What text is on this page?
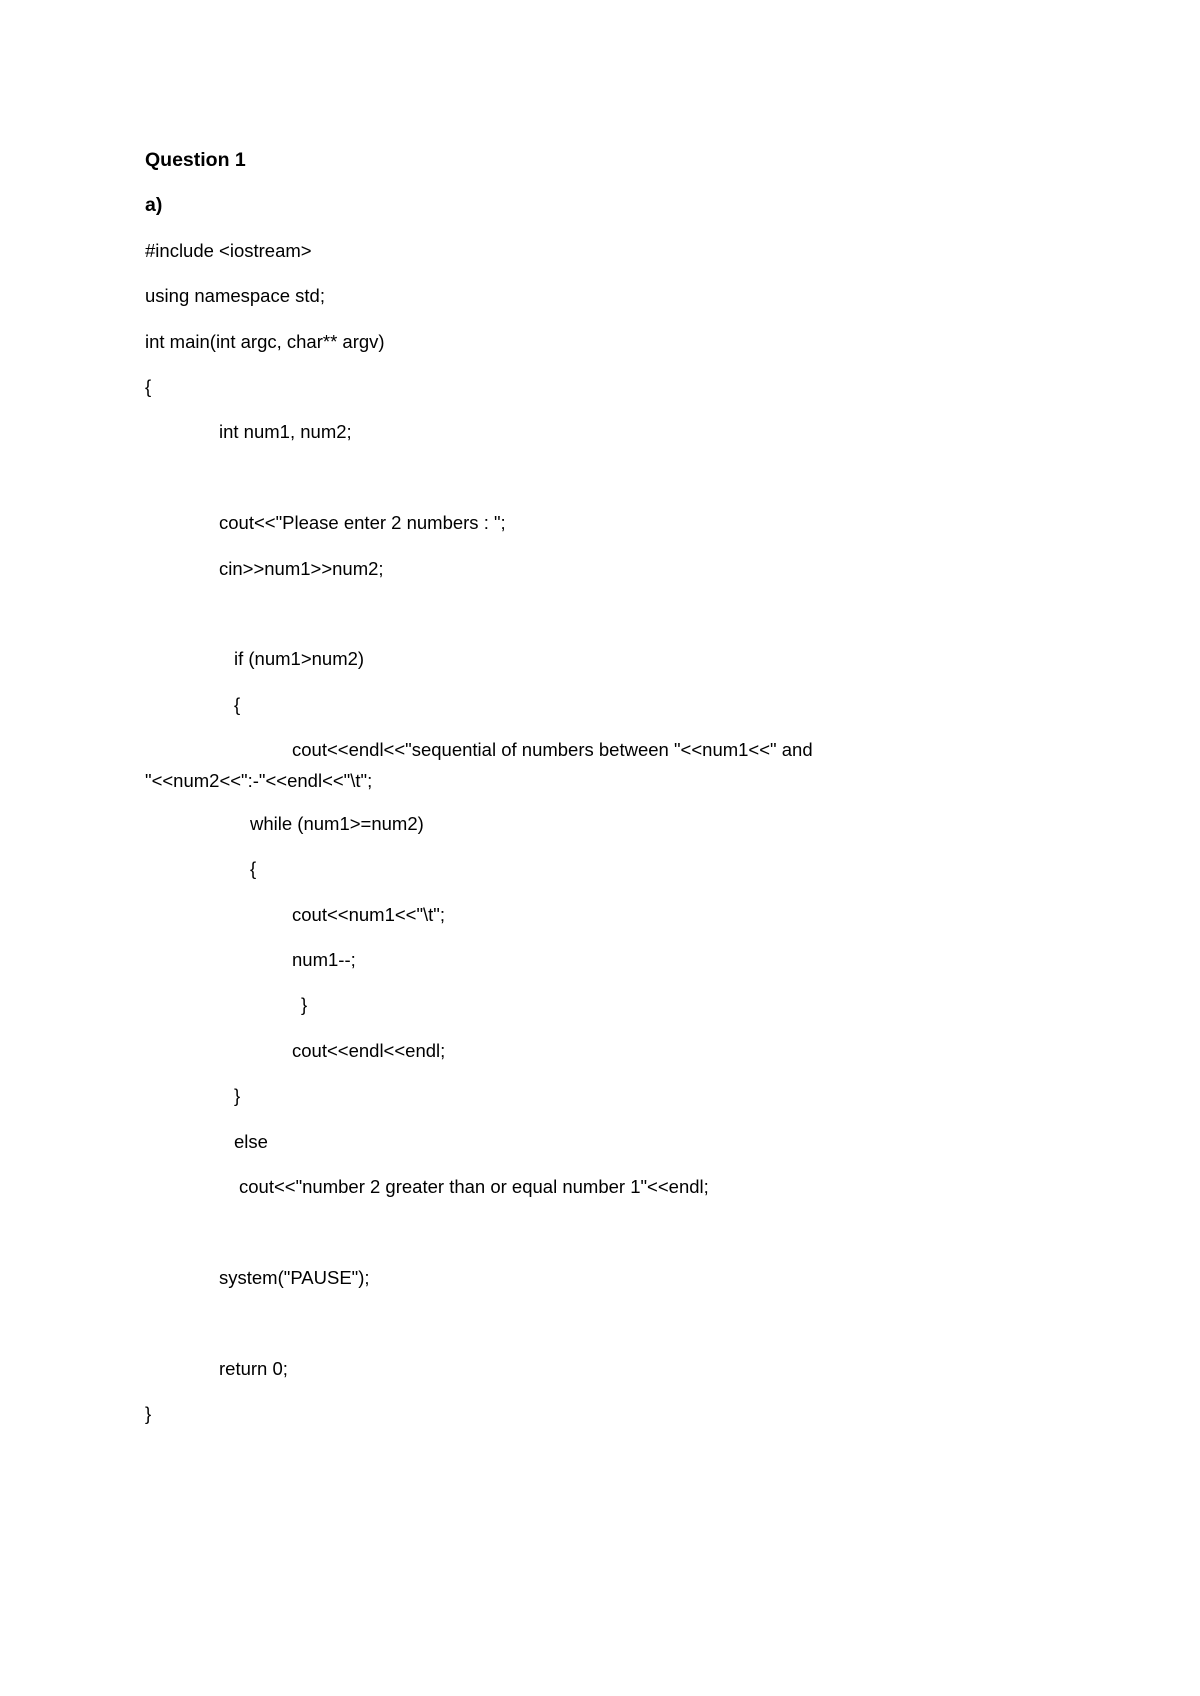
Question 1
a)
#include <iostream>
using namespace std;
int main(int argc, char** argv)
{
int num1, num2;
cout<<"Please enter 2 numbers : ";
cin>>num1>>num2;
if (num1>num2)
{
cout<<endl<<"sequential of numbers between "<<num1<<" and
"<<num2<<":-"<<endl<<"\t";
while (num1>=num2)
{
cout<<num1<<"\t";
num1--;
}
cout<<endl<<endl;
}
else
cout<<"number 2 greater than or equal number 1"<<endl;
system("PAUSE");
return 0;
}
